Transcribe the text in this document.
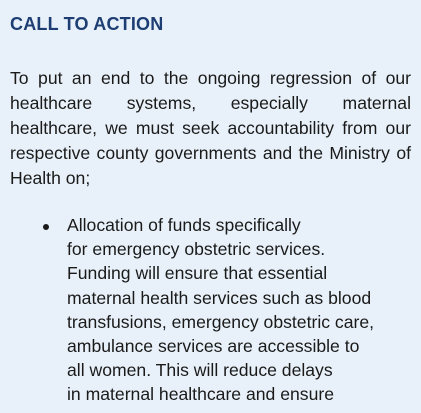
CALL TO ACTION

To put an end to the ongoing regression of our healthcare systems, especially maternal healthcare, we must seek accountability from our respective county governments and the Ministry of Health on;

Allocation of funds specifically
for emergency obstetric services.
Funding will ensure that essential
maternal health services such as blood
transfusions, emergency obstetric care,
ambulance services are accessible to
all women. This will reduce delays
in maternal healthcare and ensure
